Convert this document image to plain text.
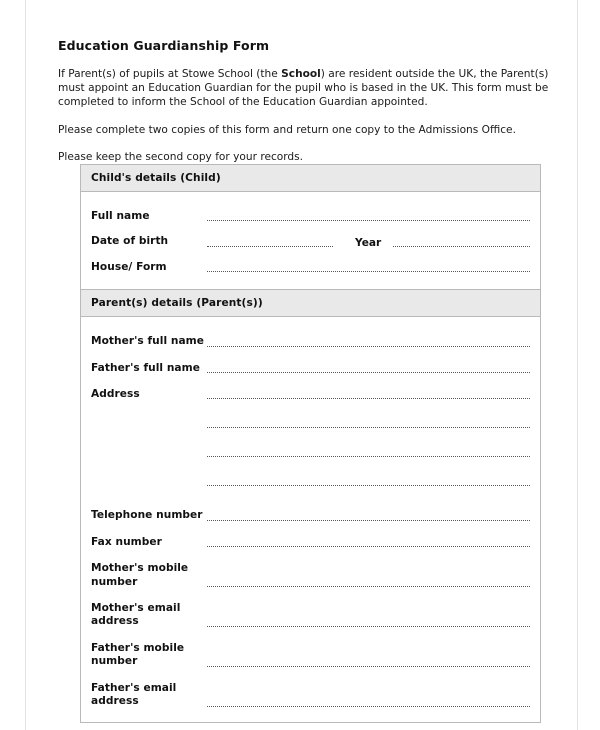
Education Guardianship Form

If Parent(s) of pupils at Stowe School (the School) are resident outside the UK, the Parent(s) must appoint an Education Guardian for the pupil who is based in the UK. This form must be completed to inform the School of the Education Guardian appointed.

Please complete two copies of this form and return one copy to the Admissions Office.

Please keep the second copy for your records.

Child's details (Child)
Full name
Date of birth	Year
House/ Form
Parent(s) details (Parent(s))
Mother's full name
Father's full name
Address
Telephone number
Fax number
Mother's mobile number
Mother's email address
Father's mobile number
Father's email address
